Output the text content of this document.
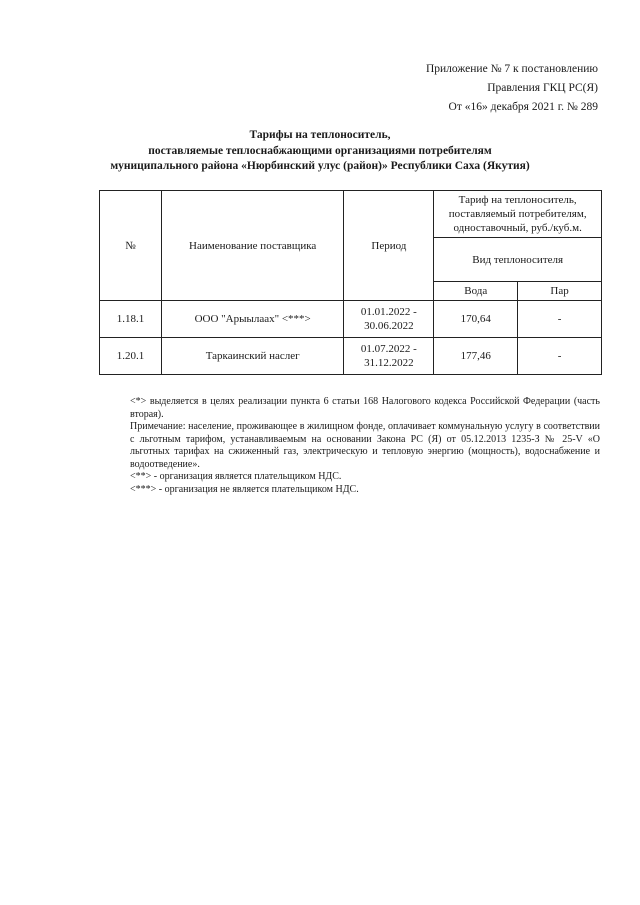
Приложение № 7 к постановлению
Правления ГКЦ РС(Я)
От «16» декабря 2021 г. № 289
Тарифы на теплоноситель,
поставляемые теплоснабжающими организациями потребителям
муниципального района «Нюрбинский улус (район)» Республики Саха (Якутия)
№	Наименование поставщика	Период	Тариф на теплоноситель, поставляемый потребителям, одноставочный, руб./куб.м.	
			Вид теплоносителя	
			Вода	Пар
1.18.1	ООО "Арыылаах" <***>	01.01.2022 - 30.06.2022	170,64	-
1.20.1	Таркаинский наслег	01.07.2022 - 31.12.2022	177,46	-

<*> выделяется в целях реализации пункта 6 статьи 168 Налогового кодекса Российской Федерации (часть вторая).

Примечание: население, проживающее в жилищном фонде, оплачивает коммунальную услугу в соответствии с льготным тарифом, устанавливаемым на основании Закона РС (Я) от 05.12.2013 1235-З № 25-V «О льготных тарифах на сжиженный газ, электрическую и тепловую энергию (мощность), водоснабжение и водоотведение».

<**> - организация является плательщиком НДС.

<***> - организация не является плательщиком НДС.
